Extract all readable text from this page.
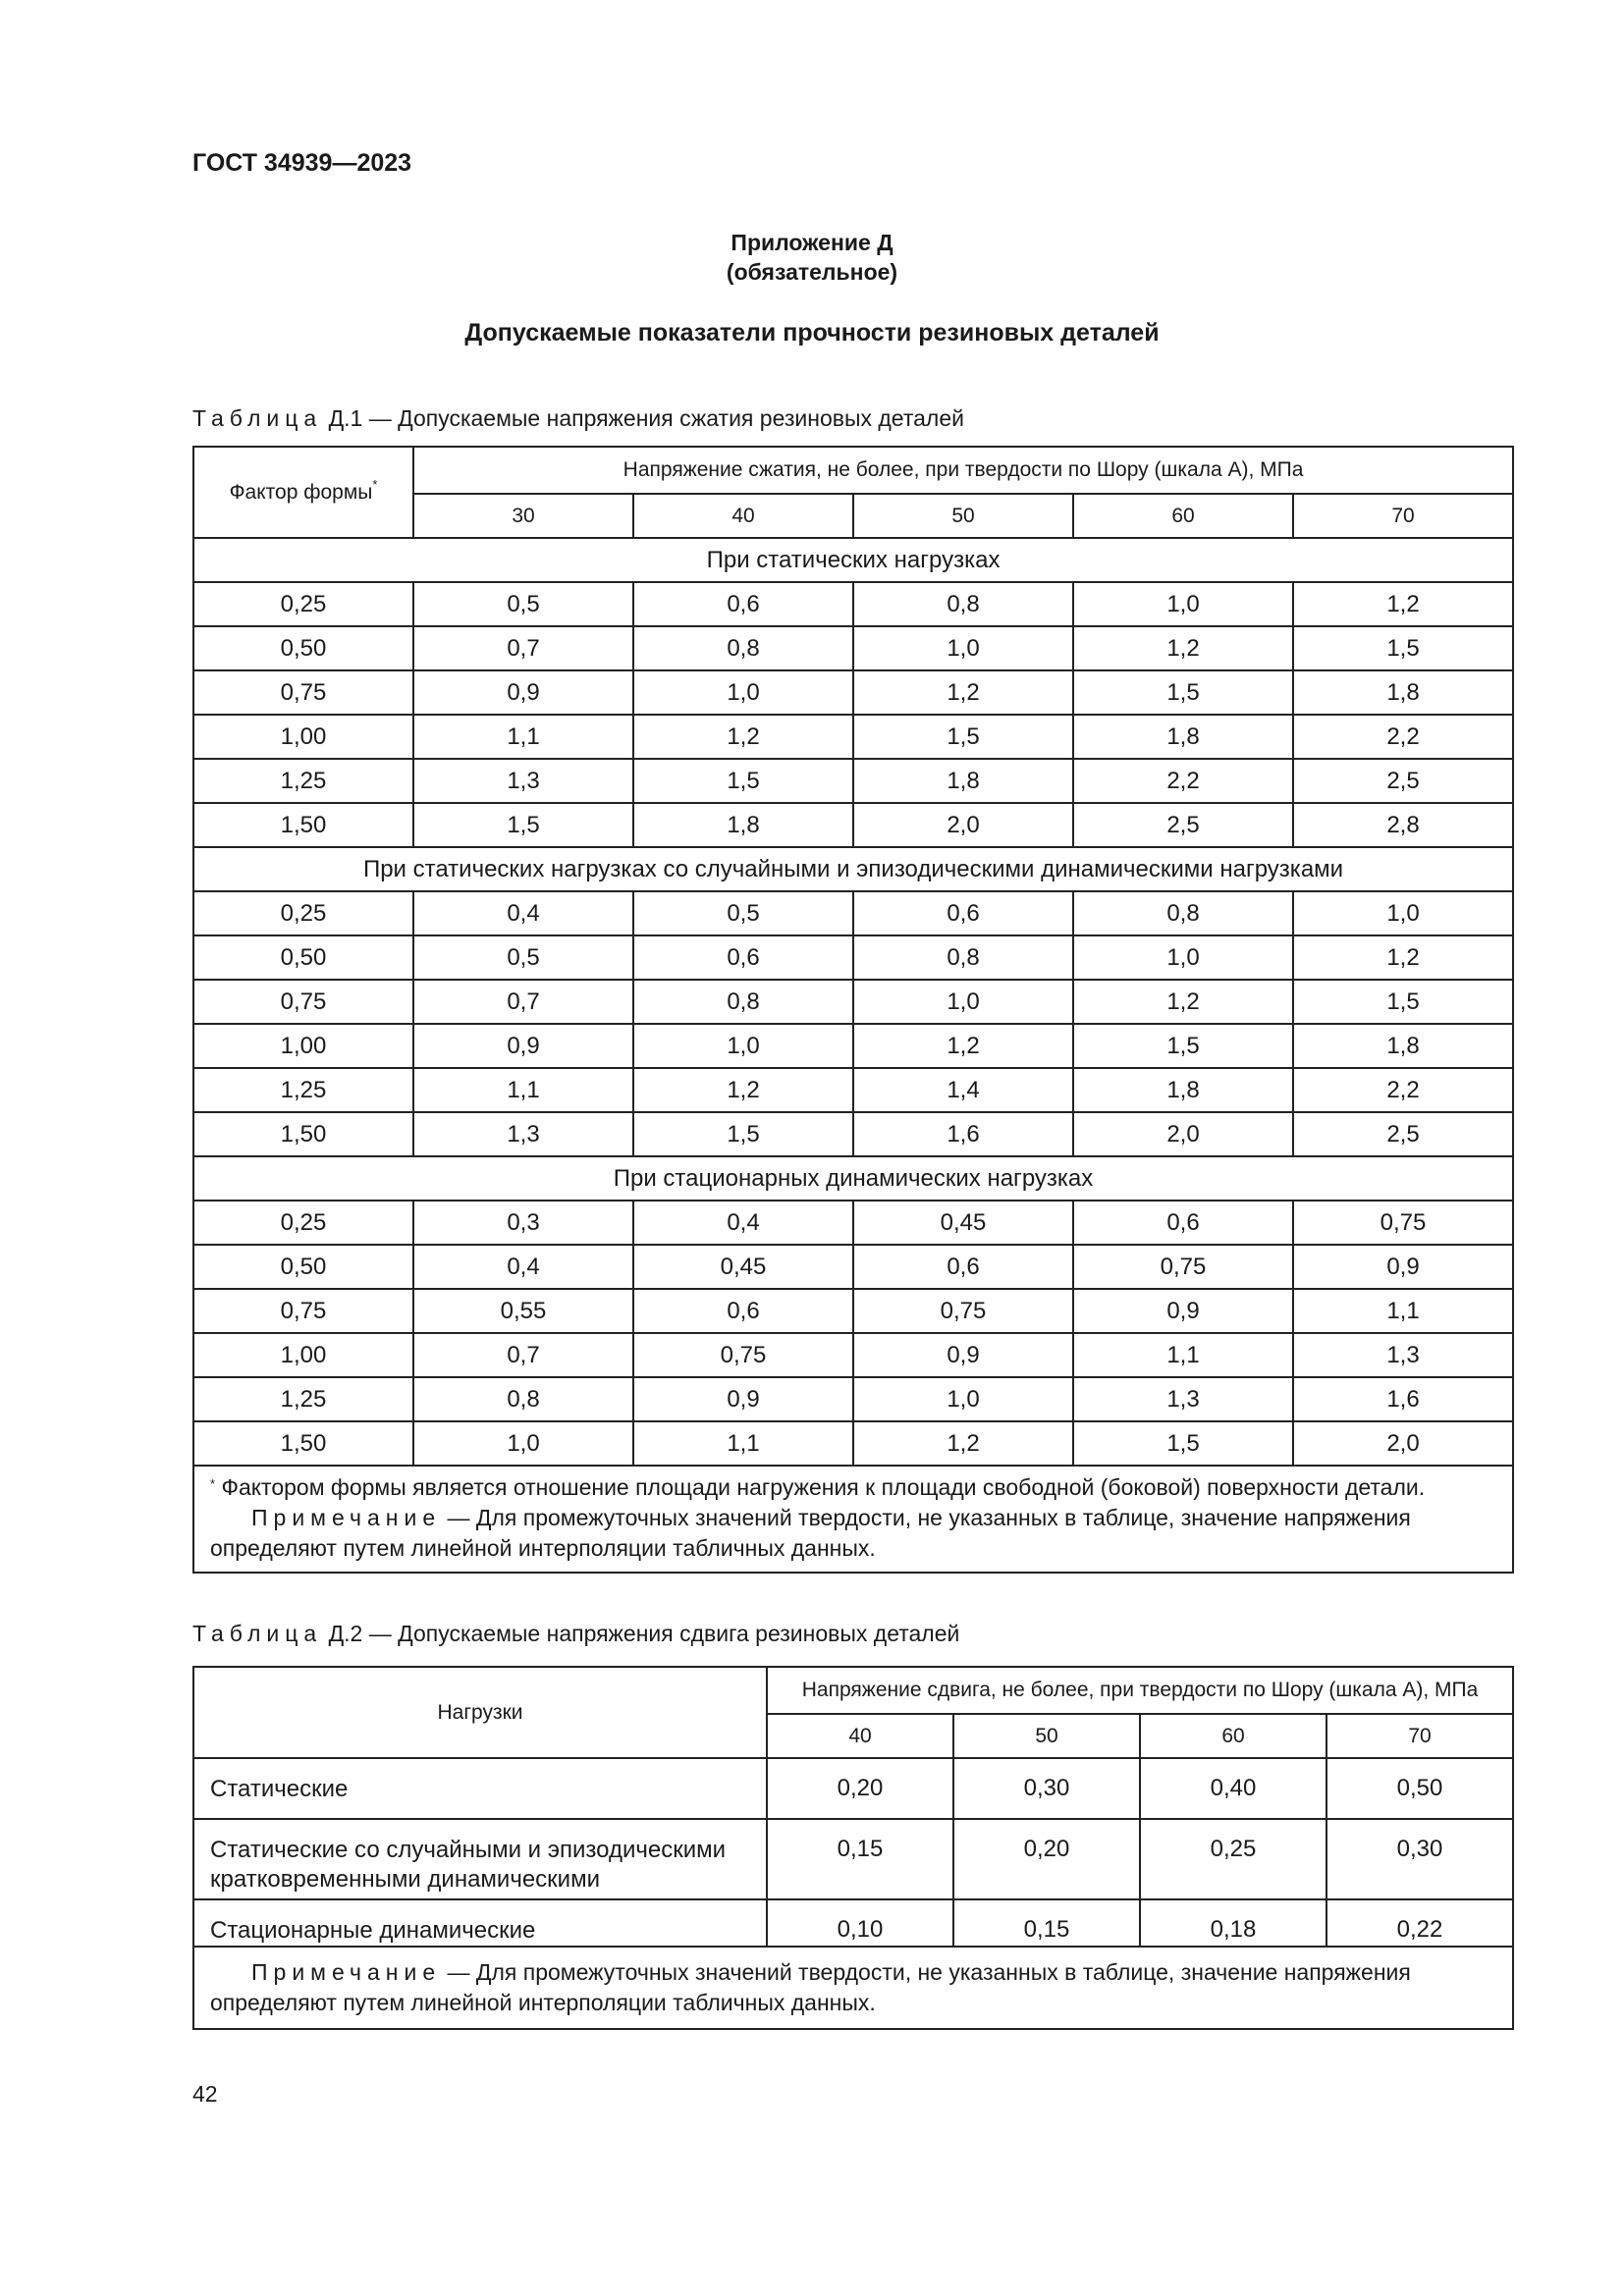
ГОСТ 34939—2023
Приложение Д
(обязательное)
Допускаемые показатели прочности резиновых деталей
Таблица Д.1 — Допускаемые напряжения сжатия резиновых деталей
Фактор формы*	Напряжение сжатия, не более, при твердости по Шору (шкала А), МПа				
	30	40	50	60	70
При статических нагрузках					
0,25	0,5	0,6	0,8	1,0	1,2
0,50	0,7	0,8	1,0	1,2	1,5
0,75	0,9	1,0	1,2	1,5	1,8
1,00	1,1	1,2	1,5	1,8	2,2
1,25	1,3	1,5	1,8	2,2	2,5
1,50	1,5	1,8	2,0	2,5	2,8
При статических нагрузках со случайными и эпизодическими динамическими нагрузками					
0,25	0,4	0,5	0,6	0,8	1,0
0,50	0,5	0,6	0,8	1,0	1,2
0,75	0,7	0,8	1,0	1,2	1,5
1,00	0,9	1,0	1,2	1,5	1,8
1,25	1,1	1,2	1,4	1,8	2,2
1,50	1,3	1,5	1,6	2,0	2,5
При стационарных динамических нагрузках					
0,25	0,3	0,4	0,45	0,6	0,75
0,50	0,4	0,45	0,6	0,75	0,9
0,75	0,55	0,6	0,75	0,9	1,1
1,00	0,7	0,75	0,9	1,1	1,3
1,25	0,8	0,9	1,0	1,3	1,6
1,50	1,0	1,1	1,2	1,5	2,0

* Фактором формы является отношение площади нагружения к площади свободной (боковой) поверхности детали.
Примечание — Для промежуточных значений твердости, не указанных в таблице, значение напряжения определяют путем линейной интерполяции табличных данных.					
Таблица Д.2 — Допускаемые напряжения сдвига резиновых деталей
Нагрузки	Напряжение сдвига, не более, при твердости по Шору (шкала А), МПа			
	40	50	60	70
Статические	0,20	0,30	0,40	0,50
Статические со случайными и эпизодическими кратковременными динамическими	0,15	0,20	0,25	0,30
Стационарные динамические	0,10	0,15	0,18	0,22

Примечание — Для промежуточных значений твердости, не указанных в таблице, значение напряжения определяют путем линейной интерполяции табличных данных.				
42
